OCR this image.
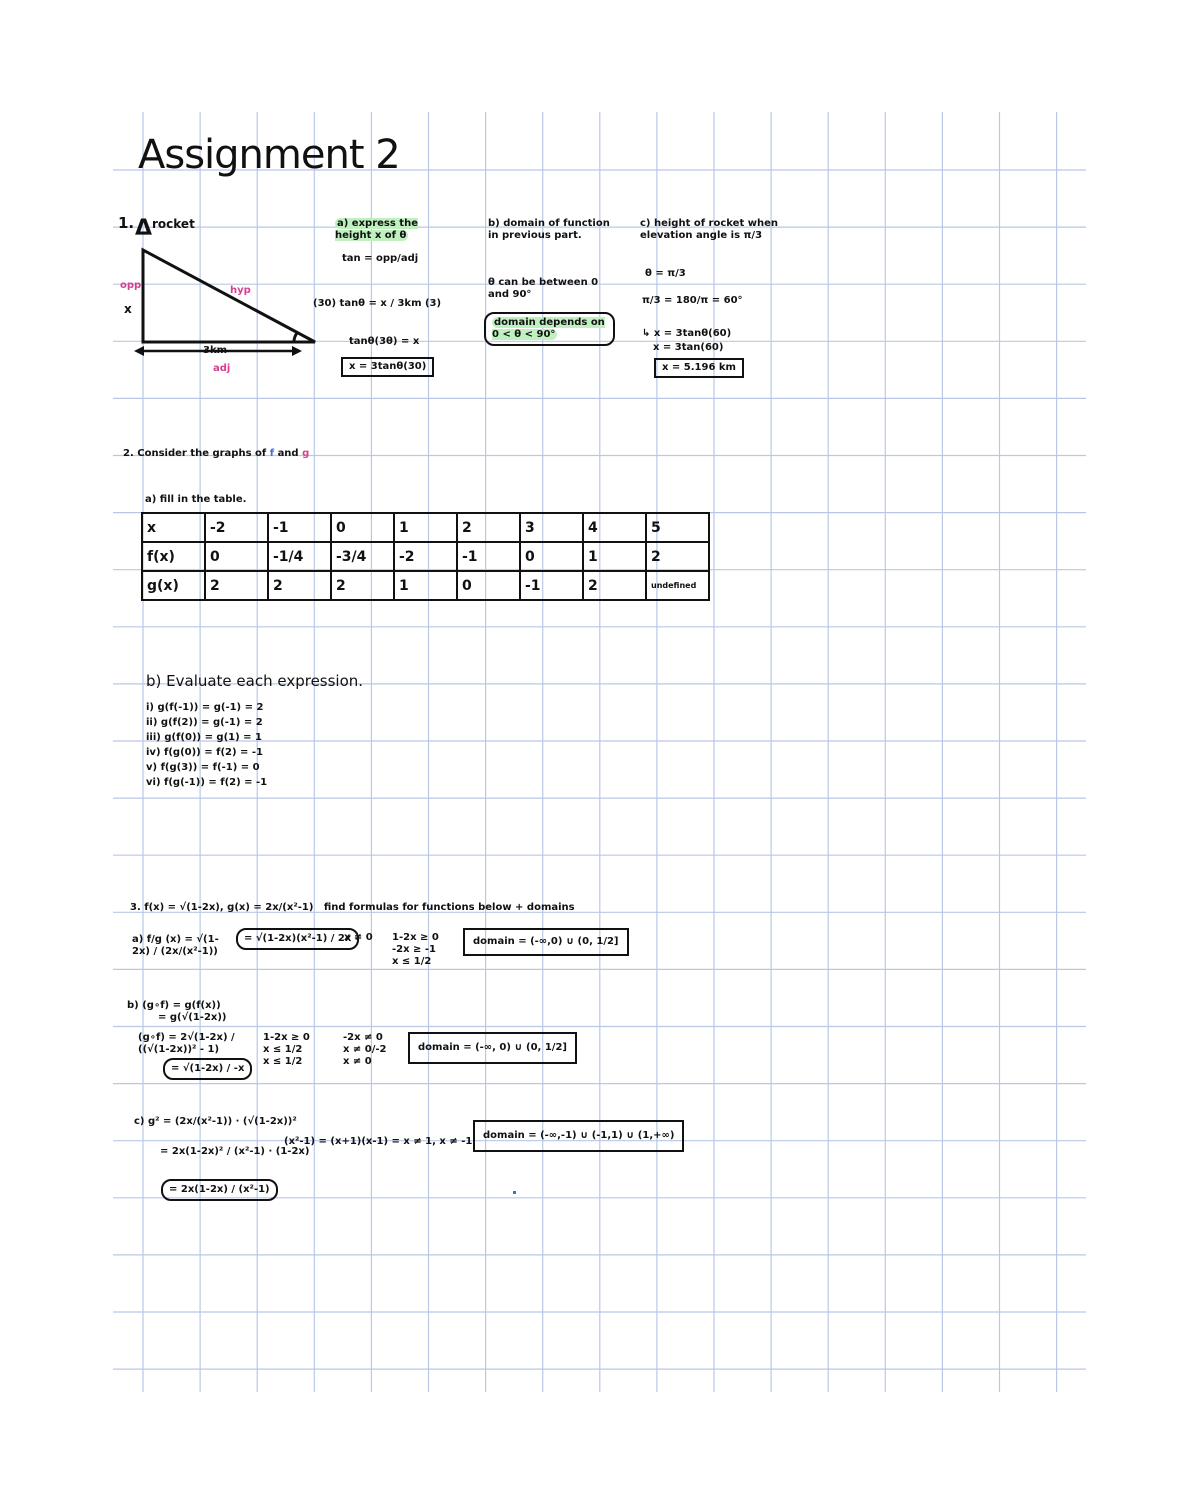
Assignment 2
1. Δ rocket
opp	hyp
x
3km
adj
a) express the height x of θ
tan = opp/adj
(30) tanθ = x / 3km (3)
tanθ(3θ) = x
x = 3tanθ(30)
b) domain of function in previous part.
θ can be between 0 and 90°
domain depends on 0 < θ < 90°
c) height of rocket when elevation angle is π/3
θ = π/3
π/3 = 180/π = 60°
↳ x = 3tanθ(60)
x = 3tan(60)
x = 5.196 km
2. Consider the graphs of f and g
a) fill in the table.
x	-2	-1	0	1	2	3	4	5
f(x)	0	-1/4	-3/4	-2	-1	0	1	2
g(x)	2	2	2	1	0	-1	2	undefined
b) Evaluate each expression.
i) g(f(-1)) = g(-1) = 2
ii) g(f(2)) = g(-1) = 2
iii) g(f(0)) = g(1) = 1
iv) f(g(0)) = f(2) = -1
v) f(g(3)) = f(-1) = 0
vi) f(g(-1)) = f(2) = -1
3. f(x) = √(1-2x), g(x) = 2x/(x²-1) find formulas for functions below + domains
a) f/g (x) = √(1-2x) / (2x/(x²-1))
= √(1-2x)(x²-1) / 2x
x ≠ 0 1-2x ≥ 0
-2x ≥ -1
x ≤ 1/2
domain = (-∞,0) ∪ (0, 1/2]
b) (g∘f) = g(f(x))
= g(√(1-2x))
(g∘f) = 2√(1-2x) / ((√(1-2x))² - 1)
= √(1-2x) / -x
1-2x ≥ 0
x ≤ 1/2
x ≤ 1/2
-2x ≠ 0
x ≠ 0/-2
x ≠ 0
domain = (-∞, 0) ∪ (0, 1/2]
c) g² = (2x/(x²-1)) · (√(1-2x))²
= 2x(1-2x)² / (x²-1) · (1-2x)
= 2x(1-2x) / (x²-1)
(x²-1) = (x+1)(x-1) = x ≠ 1, x ≠ -1
domain = (-∞,-1) ∪ (-1,1) ∪ (1,+∞)
